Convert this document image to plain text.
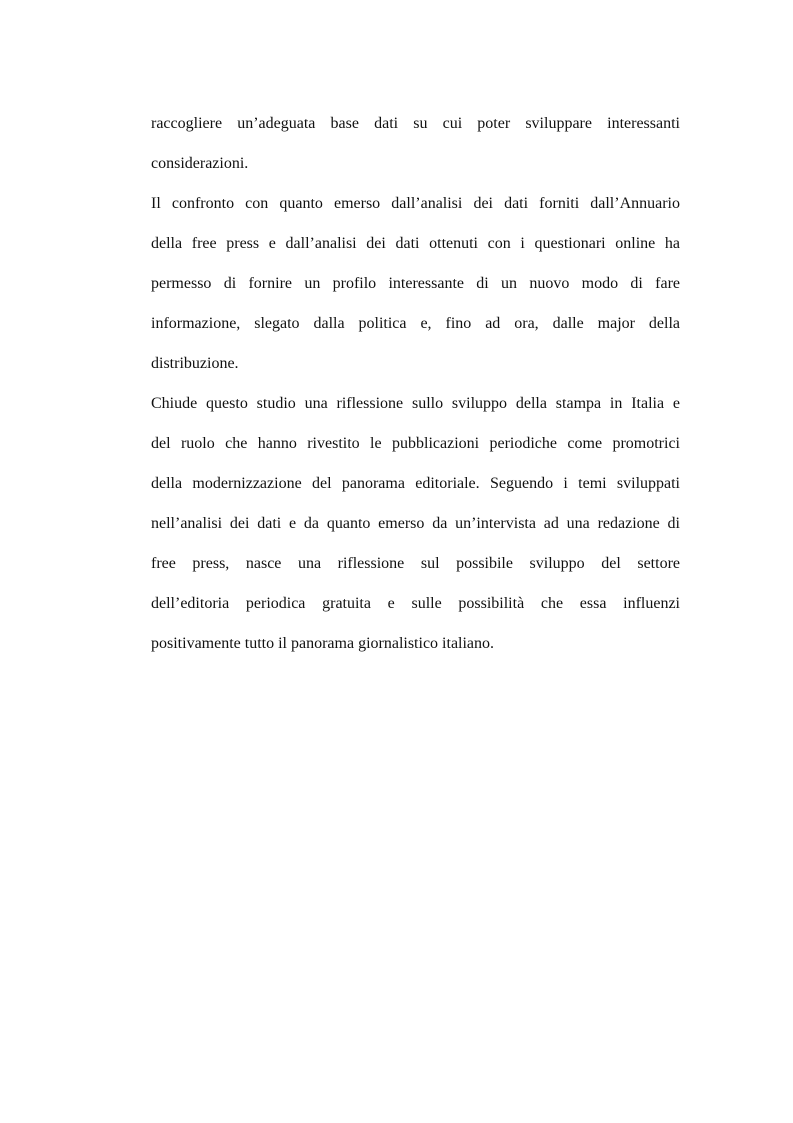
raccogliere un’adeguata base dati su cui poter sviluppare interessanti
considerazioni.
Il confronto con quanto emerso dall’analisi dei dati forniti dall’Annuario
della free press e dall’analisi dei dati ottenuti con i questionari online ha
permesso di fornire un profilo interessante di un nuovo modo di fare
informazione, slegato dalla politica e, fino ad ora, dalle major della
distribuzione.
Chiude questo studio una riflessione sullo sviluppo della stampa in Italia e
del ruolo che hanno rivestito le pubblicazioni periodiche come promotrici
della modernizzazione del panorama editoriale. Seguendo i temi sviluppati
nell’analisi dei dati e da quanto emerso da un’intervista ad una redazione di
free press, nasce una riflessione sul possibile sviluppo del settore
dell’editoria periodica gratuita e sulle possibilità che essa influenzi
positivamente tutto il panorama giornalistico italiano.
